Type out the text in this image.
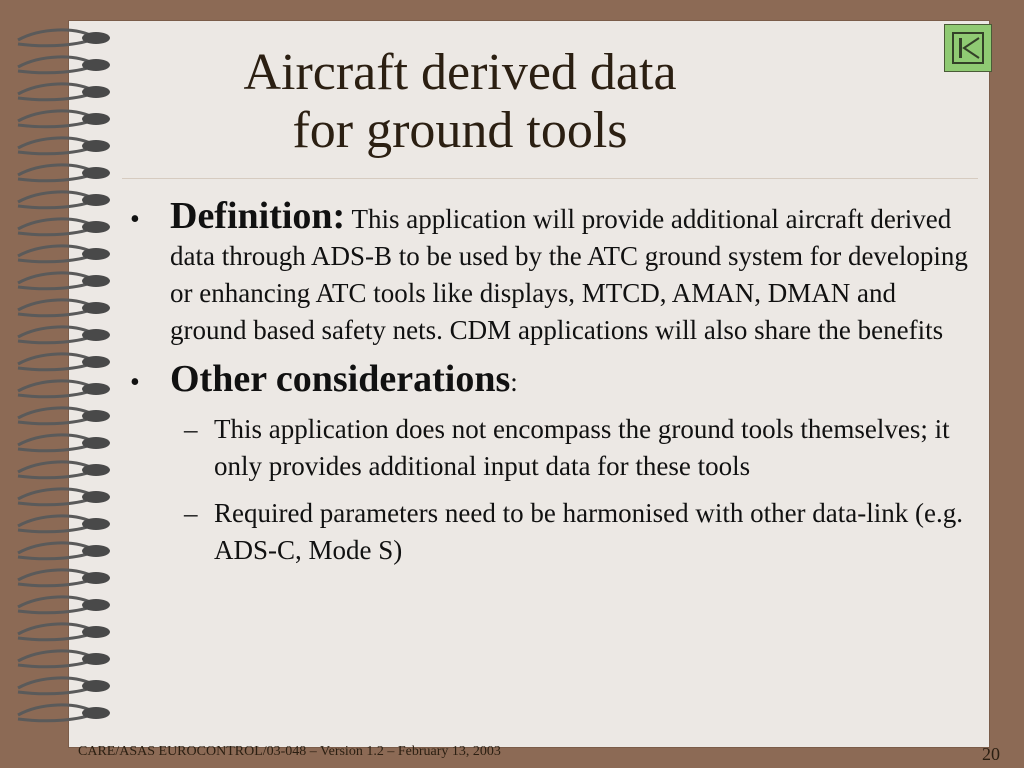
Aircraft derived data
for ground tools
• Definition: This application will provide additional aircraft derived data through ADS-B to be used by the ATC ground system for developing or enhancing ATC tools like displays, MTCD, AMAN, DMAN and ground based safety nets. CDM applications will also share the benefits
• Other considerations:
– This application does not encompass the ground tools themselves; it only provides additional input data for these tools
– Required parameters need to be harmonised with other data-link (e.g. ADS-C, Mode S)
CARE/ASAS EUROCONTROL/03-048 – Version 1.2 – February 13, 2003	20
